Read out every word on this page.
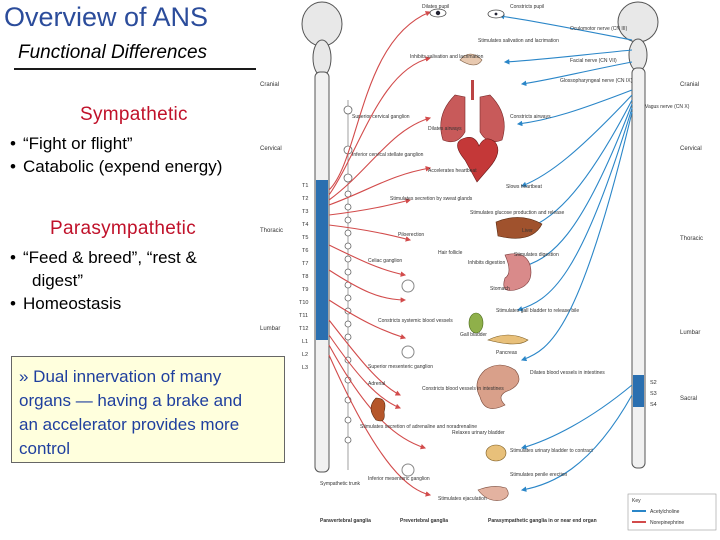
Overview of ANS
Functional Differences
Sympathetic
• “Fight or flight”
• Catabolic (expend energy)
Parasympathetic
• “Feed & breed”, “rest &
digest”
• Homeostasis
» Dual innervation of many
organs — having a brake and
an accelerator provides more
control
Cranial
Cervical
Thoracic
Lumbar
Cranial
Cervical
Thoracic
Lumbar
Sacral
T1
T2
T3
T4
T5
T6
T7
T8
T9
T10
T11
T12
L1
L2
L3
S2
S3
S4
Superior cervical ganglion
Inferior cervical stellate ganglion
Celiac ganglion
Superior mesenteric ganglion
Inferior mesenteric ganglion
Sympathetic trunk
Dilates pupil
Inhibits salivation and lacrimation
Dilates airways
Accelerates heartbeat
Stimulates secretion by sweat glands
Piloerection
Hair follicle
Inhibits digestion
Constricts systemic blood vessels
Adrenal
Stimulates secretion of adrenaline and noradrenaline
Constricts blood vessels in intestines
Relaxes urinary bladder
Stimulates ejaculation
Constricts pupil
Stimulates salivation and lacrimation
Oculomotor nerve (CN III)
Facial nerve (CN VII)
Glossopharyngeal nerve (CN IX)
Vagus nerve (CN X)
Constricts airways
Slows heartbeat
Stimulates glucose production and release
Liver
Stimulates digestion
Stomach
Stimulates gall bladder to release bile
Gall bladder
Pancreas
Dilates blood vessels in intestines
Stimulates urinary bladder to contract
Stimulates penile erection
Paravertebral ganglia	Prevertebral ganglia	Parasympathetic ganglia in or near end organ
Key
Acetylcholine
Norepinephrine
